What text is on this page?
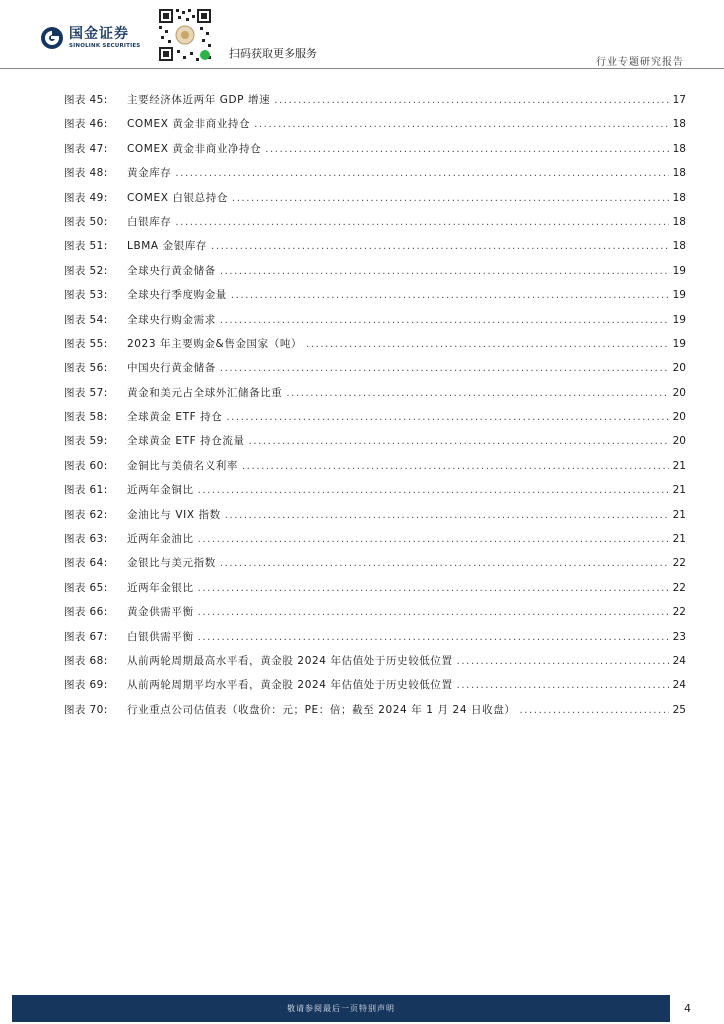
国金证券
SINOLINK SECURITIES
扫码获取更多服务
行业专题研究报告
图表 45:	主要经济体近两年 GDP 增速 .....	17
图表 46:	COMEX 黄金非商业持仓 .....	18
图表 47:	COMEX 黄金非商业净持仓 .....	18
图表 48:	黄金库存 .....	18
图表 49:	COMEX 白银总持仓 .....	18
图表 50:	白银库存 .....	18
图表 51:	LBMA 金银库存 .....	18
图表 52:	全球央行黄金储备 .....	19
图表 53:	全球央行季度购金量 .....	19
图表 54:	全球央行购金需求 .....	19
图表 55:	2023 年主要购金&售金国家（吨） .....	19
图表 56:	中国央行黄金储备 .....	20
图表 57:	黄金和美元占全球外汇储备比重 .....	20
图表 58:	全球黄金 ETF 持仓 .....	20
图表 59:	全球黄金 ETF 持仓流量 .....	20
图表 60:	金铜比与美债名义利率 .....	21
图表 61:	近两年金铜比 .....	21
图表 62:	金油比与 VIX 指数 .....	21
图表 63:	近两年金油比 .....	21
图表 64:	金银比与美元指数 .....	22
图表 65:	近两年金银比 .....	22
图表 66:	黄金供需平衡 .....	22
图表 67:	白银供需平衡 .....	23
图表 68:	从前两轮周期最高水平看，黄金股 2024 年估值处于历史较低位置 .....	24
图表 69:	从前两轮周期平均水平看，黄金股 2024 年估值处于历史较低位置 .....	24
图表 70:	行业重点公司估值表（收盘价：元；PE：倍；截至 2024 年 1 月 24 日收盘） .....	25
敬请参阅最后一页特别声明	4
